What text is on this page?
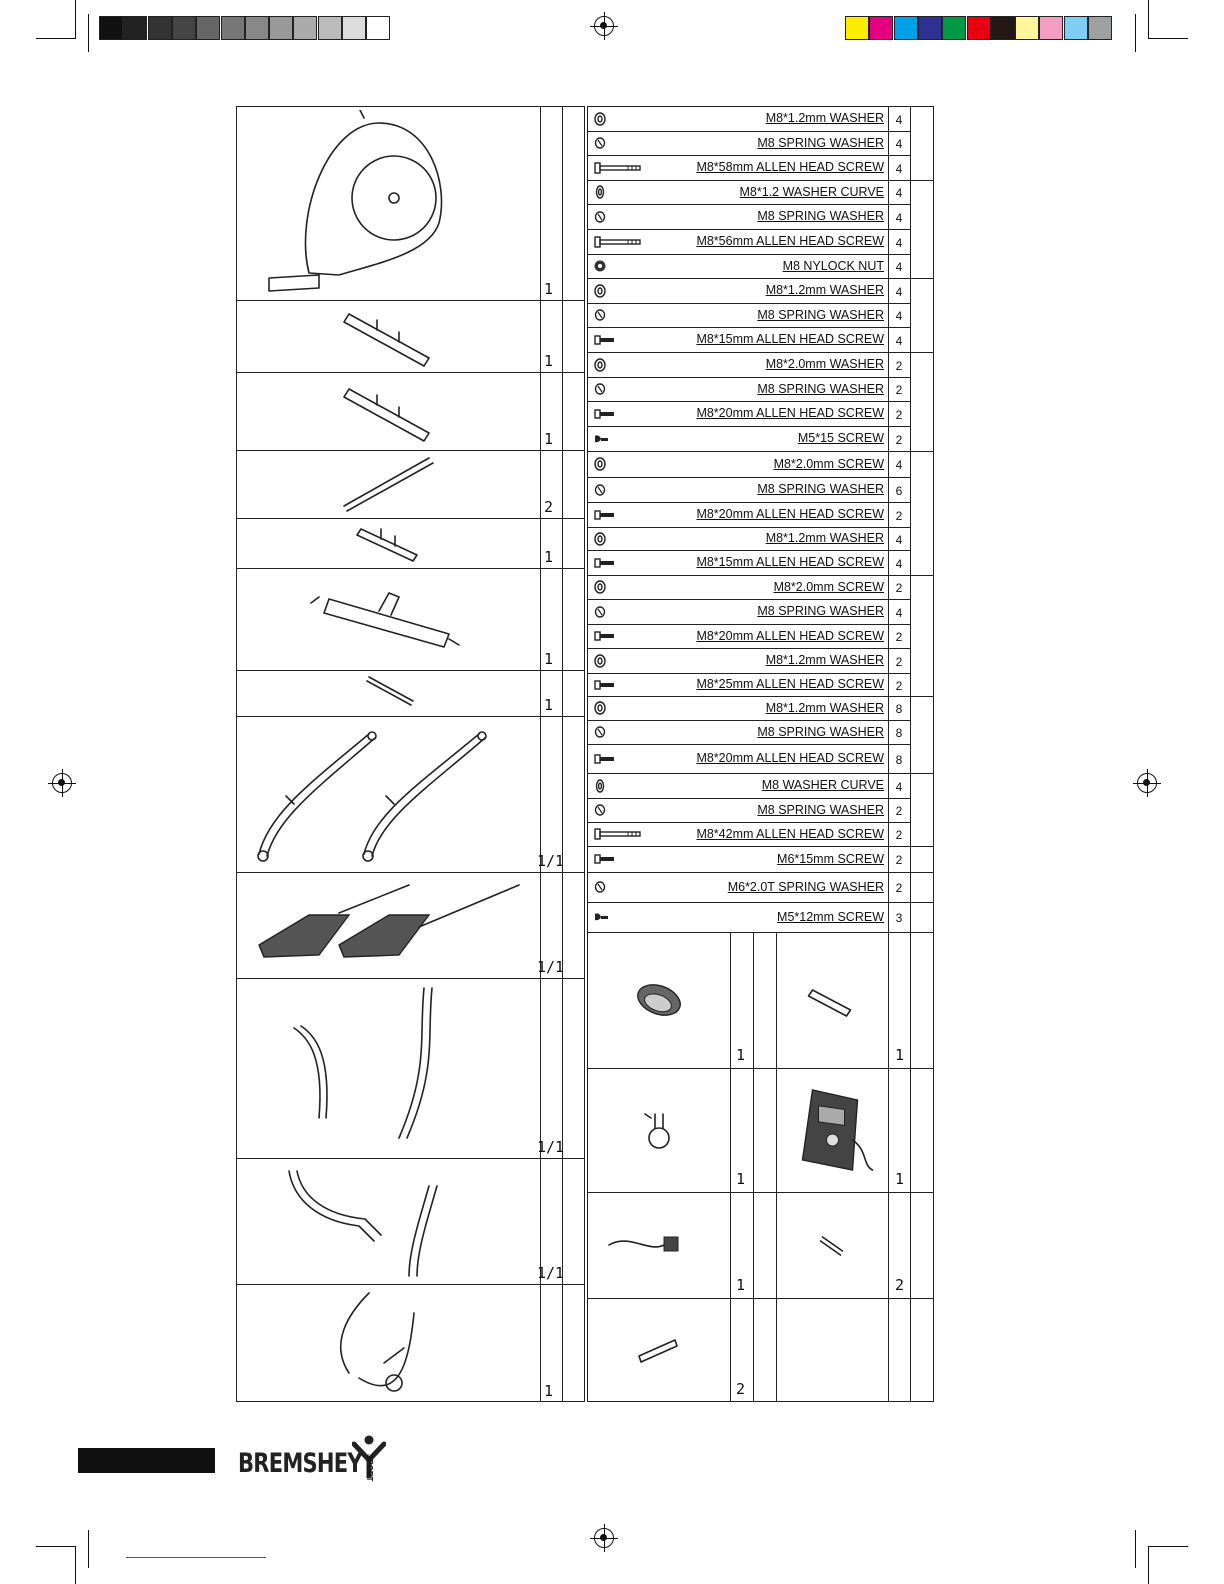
1
1
1
2
1
1
1
1/1
1/1
1/1
1/1
1
M8*1.2mm WASHER 4
M8 SPRING WASHER 4
M8*58mm ALLEN HEAD SCREW 4
M8*1.2 WASHER CURVE 4
M8 SPRING WASHER 4
M8*56mm ALLEN HEAD SCREW 4
M8 NYLOCK NUT 4
M8*1.2mm WASHER 4
M8 SPRING WASHER 4
M8*15mm ALLEN HEAD SCREW 4
M8*2.0mm WASHER 2
M8 SPRING WASHER 2
M8*20mm ALLEN HEAD SCREW 2
M5*15 SCREW 2
M8*2.0mm SCREW 4
M8 SPRING WASHER 6
M8*20mm ALLEN HEAD SCREW 2
M8*1.2mm WASHER 4
M8*15mm ALLEN HEAD SCREW 4
M8*2.0mm SCREW 2
M8 SPRING WASHER 4
M8*20mm ALLEN HEAD SCREW 2
M8*1.2mm WASHER 2
M8*25mm ALLEN HEAD SCREW 2
M8*1.2mm WASHER 8
M8 SPRING WASHER 8
M8*20mm ALLEN HEAD SCREW 8
M8 WASHER CURVE 4
M8 SPRING WASHER 2
M8*42mm ALLEN HEAD SCREW 2
M6*15mm SCREW 2
M6*2.0T SPRING WASHER 2
M5*12mm SCREW 3
1	1
1	1
1	2
2
BREMSHEY SPORT
